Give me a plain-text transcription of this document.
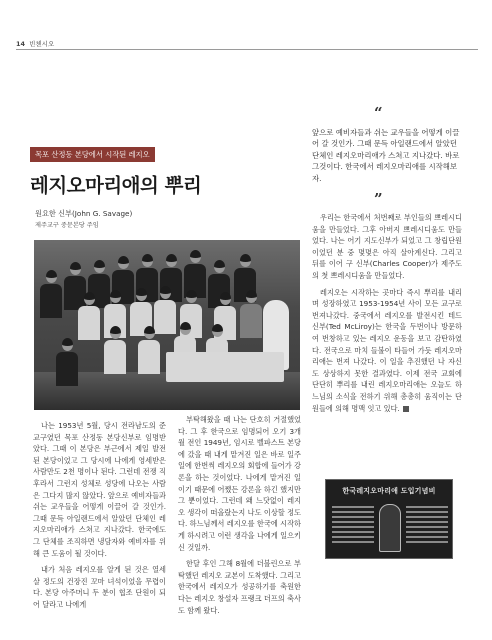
14 빈첸시오
목포 산정동 본당에서 시작된 레지오
레지오마리애의 뿌리
원요한 신부(John G. Savage)
제주교구 중문본당 주임

나는 1953년 5월, 당시 전라남도의 준교구였던 목포 산정동 본당신부로 임명받았다. 그때 이 본당은 부근에서 제일 발전된 본당이었고 그 당시에 나에게 영세받은 사람만도 2천 명이나 된다. 그런데 전쟁 직후라서 그런지 성체로 성당에 나오는 사람은 그다지 많지 않았다. 앞으로 예비자들과 쉬는 교우들을 어떻게 이끌어 갈 것인가. 그때 문득 아일랜드에서 알았던 단체인 레지오마리애가 스쳐고 지나갔다. 한국에도 그 단체를 조직하면 냉담자와 예비자를 위해 큰 도움이 될 것이다.

내가 처음 레지오를 알게 된 것은 열세 살 정도의 건장진 꼬마 녀석이었을 무렵이다. 본당 아주머니 두 분이 협조 단원이 되어 달라고 나에게

부탁해왔을 때 나는 단호히 거절했었다. 그 후 한국으로 임명되어 오기 3개월 전인 1949년, 임시로 벨파스트 본당에 갔을 때 내게 맡겨진 일은 바로 일주일에 한번씩 레지오의 회합에 들어가 강론을 하는 것이었다. 나에게 맡겨진 일이기 때문에 어쨌든 강론을 하긴 했지만 그 뿐이었다. 그런데 왜 느닷없이 레지오 생각이 떠올랐는지 나도 이상할 정도다. 하느님께서 레지오를 한국에 시작하게 하시려고 이런 생각을 나에게 일으키신 것일까.

한달 후인 그해 8월에 더블린으로 부탁했던 레지오 교본이 도착했다. 그리고 한국에서 레지오가 성공하기를 축원한다는 레지오 창설자 프랭크 더프의 축사도 함께 왔다.

“
앞으로 예비자들과 쉬는 교우들을 어떻게 이끌어 갈 것인가. 그때 문득 아일랜드에서 알았던 단체인 레지오마리애가 스쳐고 지나갔다. 바로 그것이다. 한국에서 레지오마리애를 시작해보자.
”

우리는 한국에서 처번째로 부인들의 쁘레시디움을 만들었다. 그후 아버지 쁘레시디움도 만들었다. 나는 어기 지도신부가 되었고 그 창립단원이었던 분 중 몇몇은 아직 살아계신다. 그리고 뒤를 이어 구 신부(Charles Cooper)가 제주도의 첫 쁘레시디움을 만들었다.

레지오는 시작하는 곳마다 즉시 뿌리를 내리며 성장하였고 1953-1954년 사이 모든 교구로 번져나갔다. 중국에서 레지오를 발전시킨 테드 신부(Ted McLiroy)는 한국을 두번이나 방문하여 번창하고 있는 레지오 운동을 보고 감탄하였다. 전국으로 마치 들불이 타들어 가듯 레지오마리애는 번져 나갔다. 이 일을 추진했던 나 자신도 상상하지 못한 결과였다. 이제 전국 교회에 단단히 뿌리를 내린 레지오마리애는 오늘도 하느님의 소식을 전하기 위해 총총히 움직이는 단원들에 의해 명맥 잇고 있다.

한국레지오마리애 도입기념비
